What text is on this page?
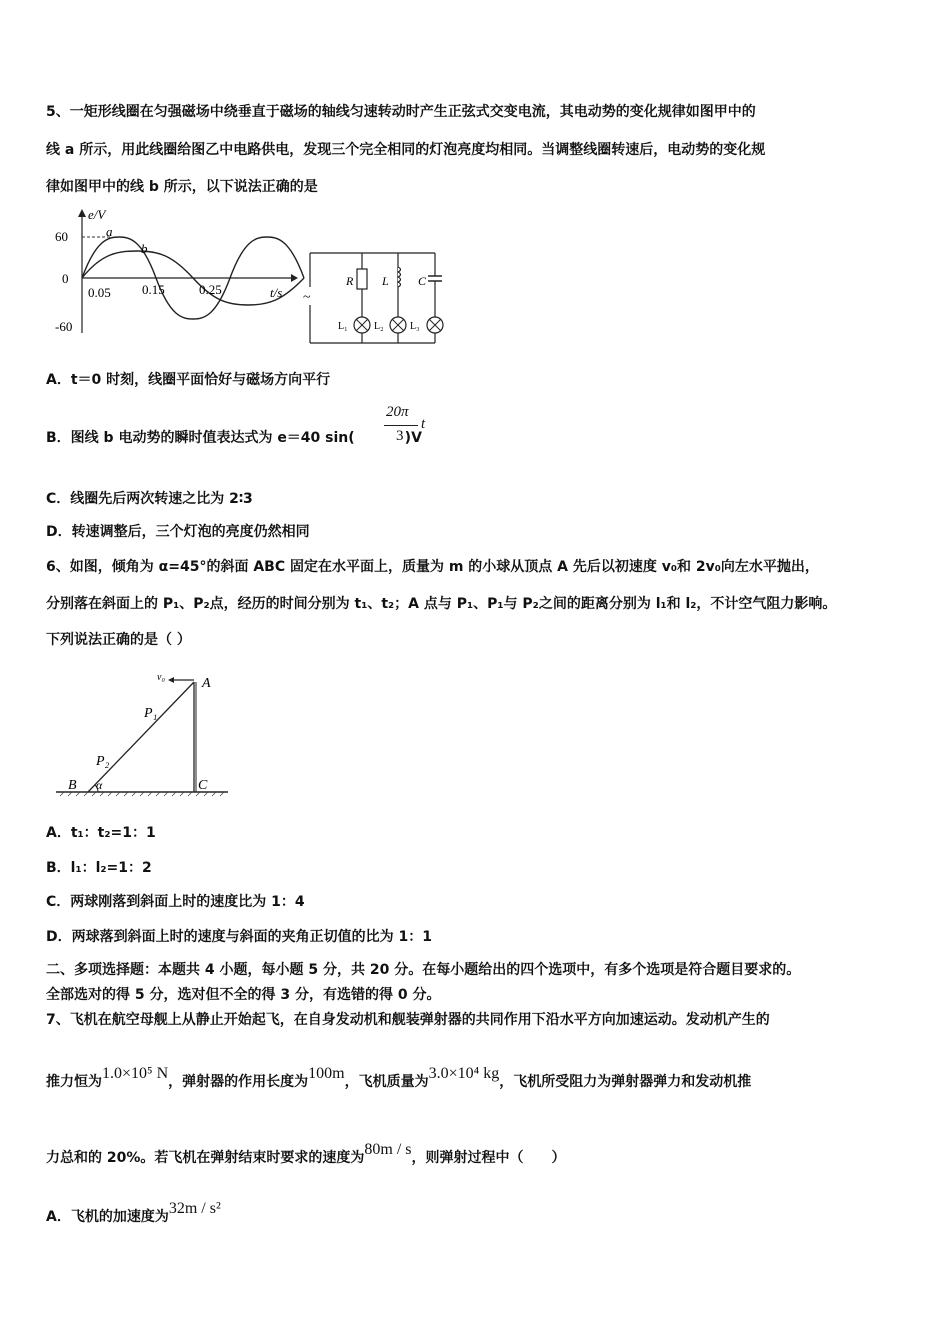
5、一矩形线圈在匀强磁场中绕垂直于磁场的轴线匀速转动时产生正弦式交变电流，其电动势的变化规律如图甲中的
线 a 所示，用此线圈给图乙中电路供电，发现三个完全相同的灯泡亮度均相同。当调整线圈转速后，电动势的变化规
律如图甲中的线 b 所示，以下说法正确的是
e/V
60
0
-60
0.05 0.15	0.25	t/s
a
b
~
R L C
L₁	L₂	L₃
A．t＝0 时刻，线圈平面恰好与磁场方向平行
B．图线 b 电动势的瞬时值表达式为 e＝40 sin(	)V
20π
3
t
C．线圈先后两次转速之比为 2∶3
D．转速调整后，三个灯泡的亮度仍然相同
6、如图，倾角为 α=45°的斜面 ABC 固定在水平面上，质量为 m 的小球从顶点 A 先后以初速度 v₀和 2v₀向左水平抛出，
分别落在斜面上的 P₁、P₂点，经历的时间分别为 t₁、t₂；A 点与 P₁、P₁与 P₂之间的距离分别为 l₁和 l₂，不计空气阻力影响。
下列说法正确的是（ ）
v₀	A
B	C
P₁
P₂
α
A．t₁：t₂=1：1
B．l₁：l₂=1：2
C．两球刚落到斜面上时的速度比为 1：4
D．两球落到斜面上时的速度与斜面的夹角正切值的比为 1：1
二、多项选择题：本题共 4 小题，每小题 5 分，共 20 分。在每小题给出的四个选项中，有多个选项是符合题目要求的。
全部选对的得 5 分，选对但不全的得 3 分，有选错的得 0 分。
7、飞机在航空母舰上从静止开始起飞，在自身发动机和舰装弹射器的共同作用下沿水平方向加速运动。发动机产生的
推力恒为1.0×10⁵ N，弹射器的作用长度为100m，飞机质量为3.0×10⁴ kg，飞机所受阻力为弹射器弹力和发动机推
力总和的 20%。若飞机在弹射结束时要求的速度为80m / s，则弹射过程中（　　）
A．飞机的加速度为32m / s²
